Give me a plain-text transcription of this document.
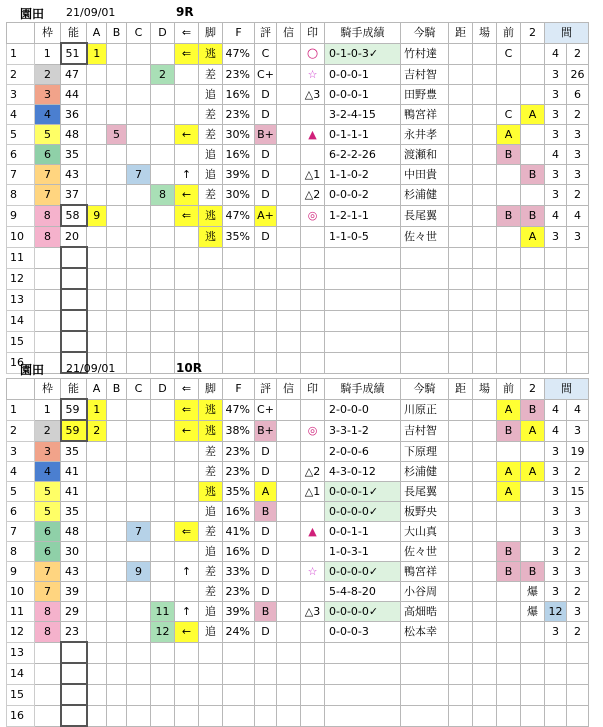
園田 21/09/01	9R
	枠	能	A	B	C	D	⇐	脚	F	評	信	印	騎手成績	今騎	距	場	前	2	間	
1	1	51	1				⇐	逃	47%	C		○	0-1-0-3✓	竹村達			C		4	2
2	2	47				2		差	23%	C+		☆	0-0-0-1	吉村智					3	26
3	3	44						追	16%	D		△3	0-0-0-1	田野豊					3	6
4	4	36						差	23%	D			3-2-4-15	鴨宮祥			C	A	3	2
5	5	48		5			←	差	30%	B+		▲	0-1-1-1	永井孝			A		3	3
6	6	35						追	16%	D			6-2-2-26	渡瀬和			B		4	3
7	7	43			7		↑	追	39%	D		△1	1-1-0-2	中田貴				B	3	3
8	7	37				8	←	差	30%	D		△2	0-0-0-2	杉浦健					3	2
9	8	58	9				⇐	逃	47%	A+		◎	1-2-1-1	長尾翼			B	B	4	4
10	8	20						逃	35%	D			1-1-0-5	佐々世				A	3	3
11																				
12																				
13																				
14																				
15																				
16																				
園田 21/09/01	10R
	枠	能	A	B	C	D	⇐	脚	F	評	信	印	騎手成績	今騎	距	場	前	2	間	
1	1	59	1				⇐	逃	47%	C+			2-0-0-0	川原正			A	B	4	4
2	2	59	2				←	逃	38%	B+		◎	3-3-1-2	吉村智			B	A	4	3
3	3	35						差	23%	D			2-0-0-6	下原理					3	19
4	4	41						差	23%	D		△2	4-3-0-12	杉浦健			A	A	3	2
5	5	41						逃	35%	A		△1	0-0-0-1✓	長尾翼			A		3	15
6	5	35						追	16%	B			0-0-0-0✓	板野央					3	3
7	6	48			7		⇐	差	41%	D		▲	0-0-1-1	大山真					3	3
8	6	30						追	16%	D			1-0-3-1	佐々世			B		3	2
9	7	43			9		↑	差	33%	D		☆	0-0-0-0✓	鴨宮祥			B	B	3	3
10	7	39						差	23%	D			5-4-8-20	小谷周				爆	3	2
11	8	29				11	↑	追	39%	B		△3	0-0-0-0✓	高畑晧				爆	12	3
12	8	23				12	←	追	24%	D			0-0-0-3	松本幸					3	2
13																				
14																				
15																				
16																				
